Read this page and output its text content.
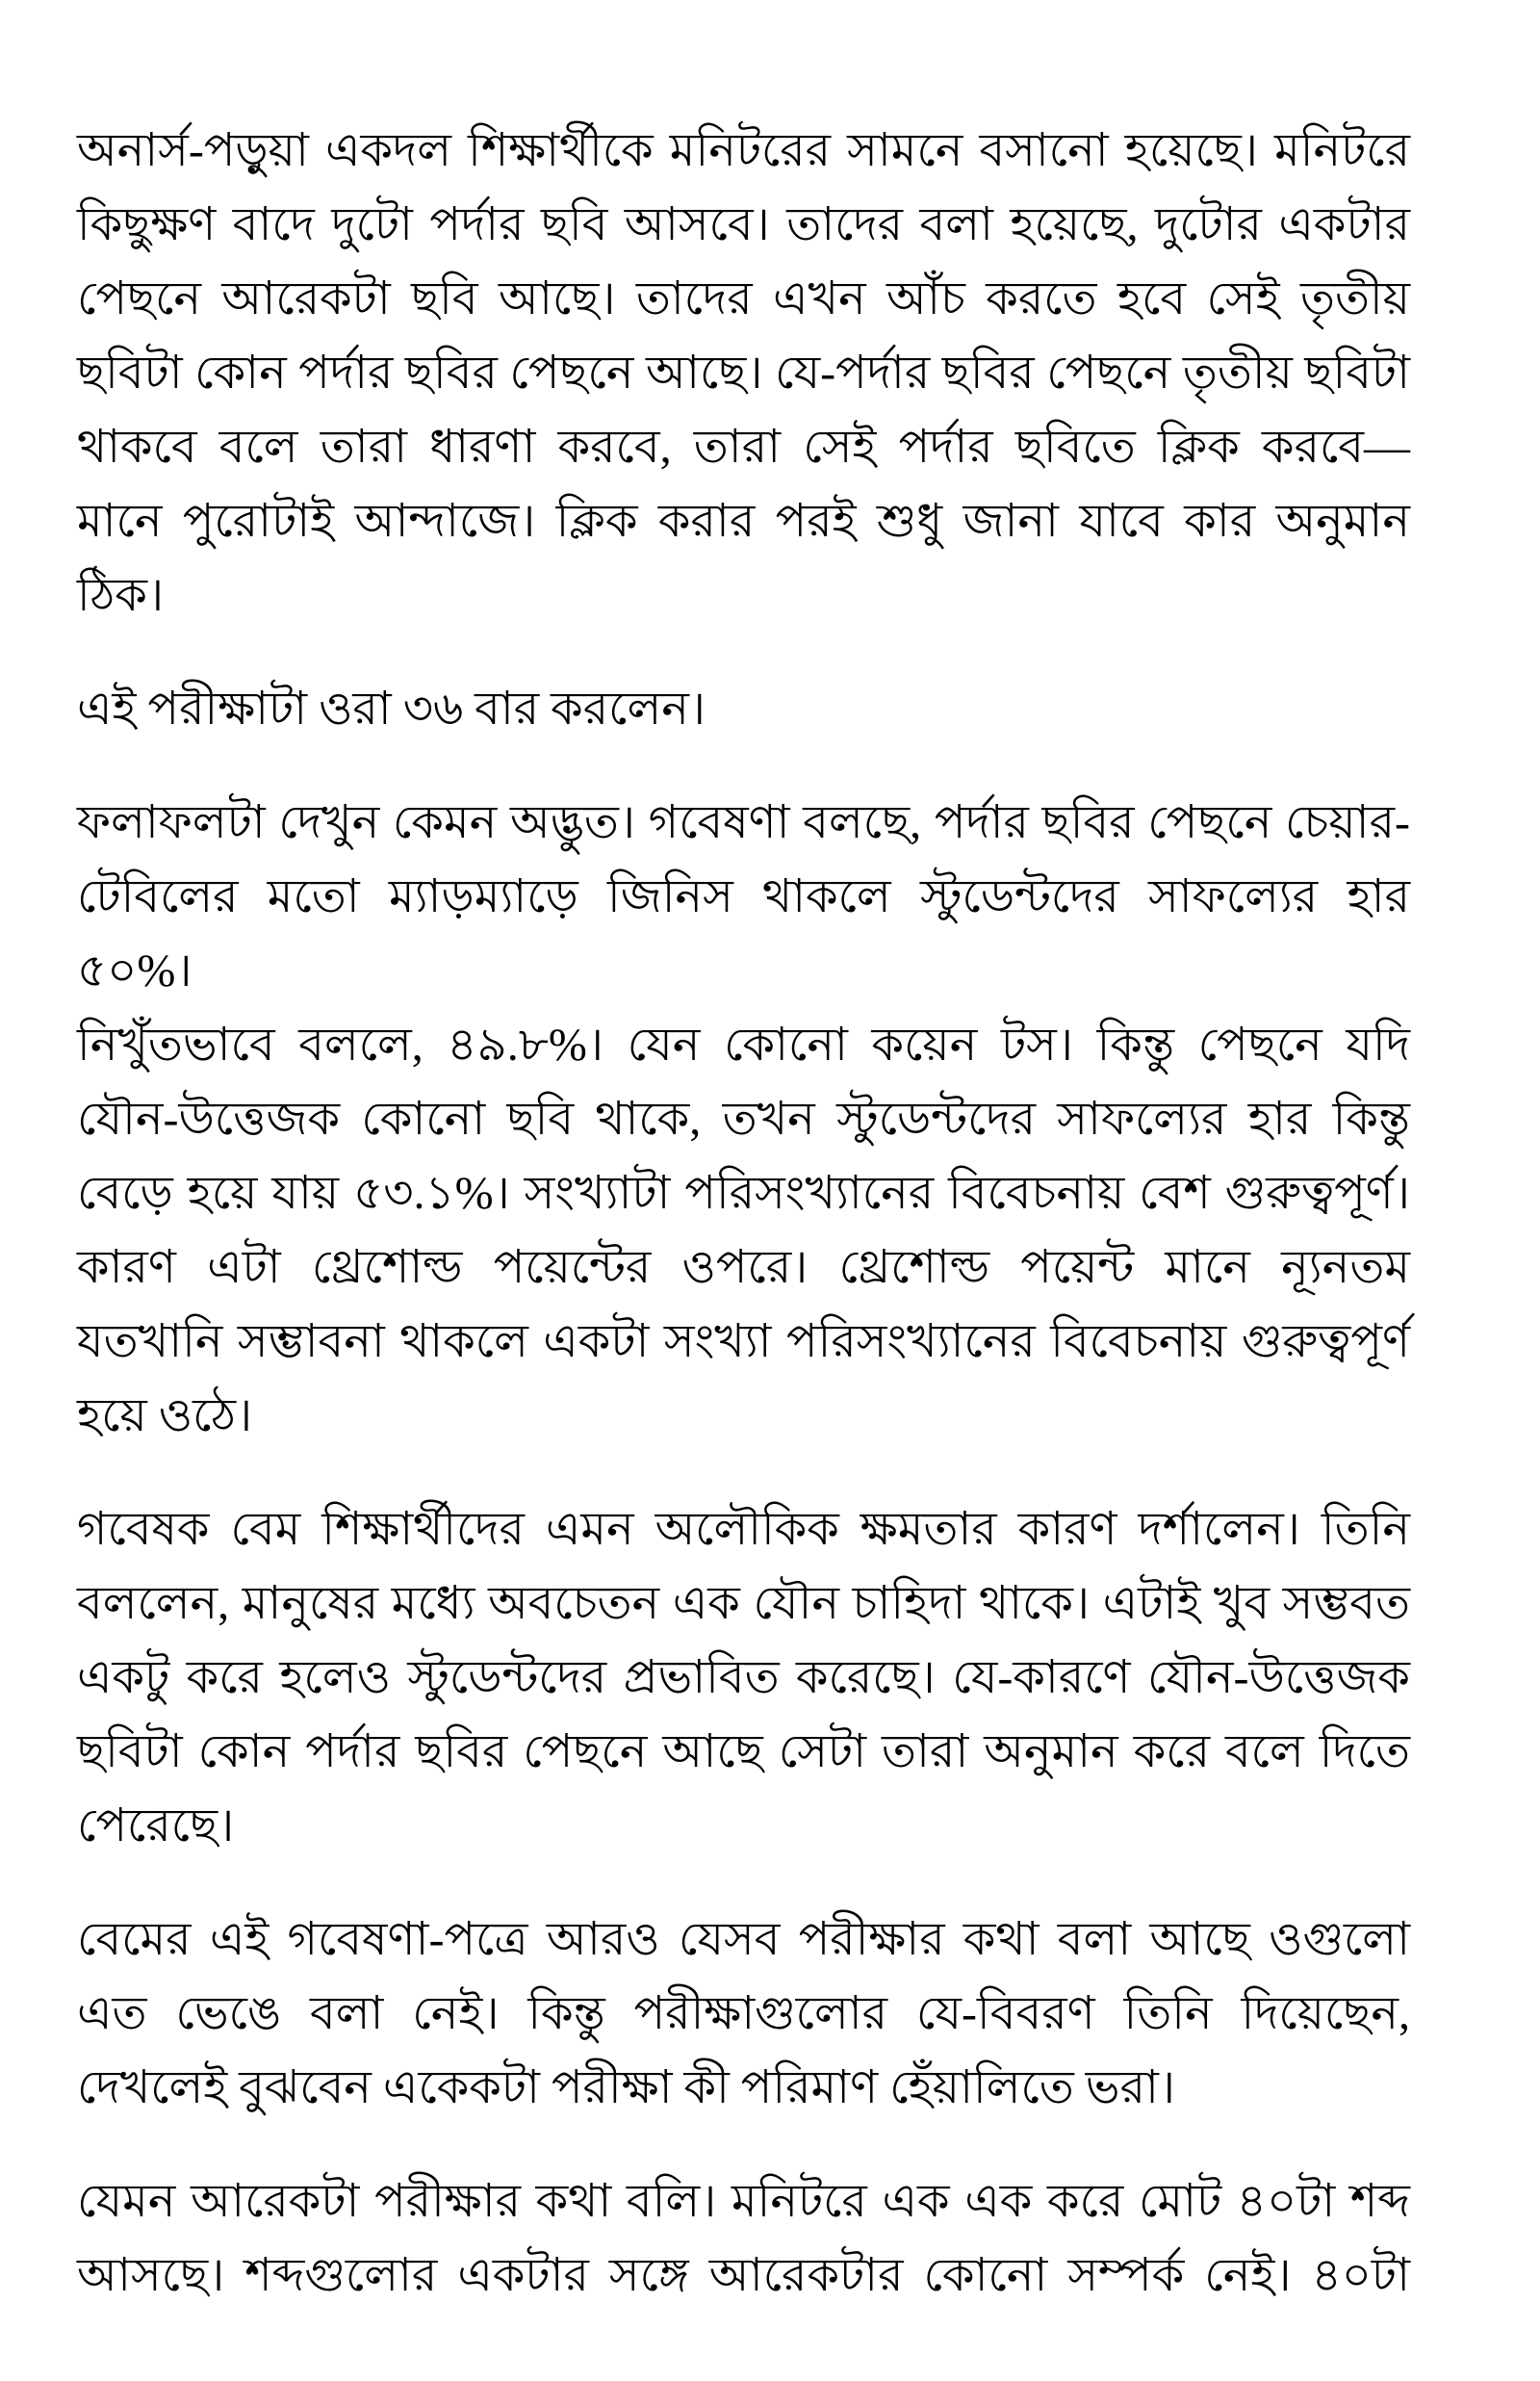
অনার্স-পড়ুয়া একদল শিক্ষার্থীকে মনিটরের সামনে বসানো হয়েছে। মনিটরে
কিছুক্ষণ বাদে দুটো পর্দার ছবি আসবে। তাদের বলা হয়েছে, দুটোর একটার
পেছনে আরেকটা ছবি আছে। তাদের এখন আঁচ করতে হবে সেই তৃতীয়
ছবিটা কোন পর্দার ছবির পেছনে আছে। যে-পর্দার ছবির পেছনে তৃতীয় ছবিটা
থাকবে বলে তারা ধারণা করবে, তারা সেই পর্দার ছবিতে ক্লিক করবে—
মানে পুরোটাই আন্দাজে। ক্লিক করার পরই শুধু জানা যাবে কার অনুমান
ঠিক।
এই পরীক্ষাটা ওরা ৩৬ বার করলেন।
ফলাফলটা দেখুন কেমন অদ্ভুত। গবেষণা বলছে, পর্দার ছবির পেছনে চেয়ার-
টেবিলের মতো ম্যাড়ম্যাড়ে জিনিস থাকলে স্টুডেন্টদের সাফল্যের হার ৫০%।
নিখুঁতভাবে বললে, ৪৯.৮%। যেন কোনো কয়েন টস। কিন্তু পেছনে যদি
যৌন-উত্তেজক কোনো ছবি থাকে, তখন স্টুডেন্টদের সাফল্যের হার কিন্তু
বেড়ে হয়ে যায় ৫৩.১%। সংখ্যাটা পরিসংখ্যানের বিবেচনায় বেশ গুরুত্বপূর্ণ।
কারণ এটা থ্রেশোল্ড পয়েন্টের ওপরে। থ্রেশোল্ড পয়েন্ট মানে ন্যূনতম
যতখানি সম্ভাবনা থাকলে একটা সংখ্যা পরিসংখ্যানের বিবেচনায় গুরুত্বপূর্ণ
হয়ে ওঠে।
গবেষক বেম শিক্ষার্থীদের এমন অলৌকিক ক্ষমতার কারণ দর্শালেন। তিনি
বললেন, মানুষের মধ্যে অবচেতন এক যৌন চাহিদা থাকে। এটাই খুব সম্ভবত
একটু করে হলেও স্টুডেন্টদের প্রভাবিত করেছে। যে-কারণে যৌন-উত্তেজক
ছবিটা কোন পর্দার ছবির পেছনে আছে সেটা তারা অনুমান করে বলে দিতে
পেরেছে।
বেমের এই গবেষণা-পত্রে আরও যেসব পরীক্ষার কথা বলা আছে ওগুলো
এত ভেঙে বলা নেই। কিন্তু পরীক্ষাগুলোর যে-বিবরণ তিনি দিয়েছেন,
দেখলেই বুঝবেন একেকটা পরীক্ষা কী পরিমাণ হেঁয়ালিতে ভরা।
যেমন আরেকটা পরীক্ষার কথা বলি। মনিটরে এক এক করে মোট ৪০টা শব্দ
আসছে। শব্দগুলোর একটার সঙ্গে আরেকটার কোনো সম্পর্ক নেই। ৪০টা
